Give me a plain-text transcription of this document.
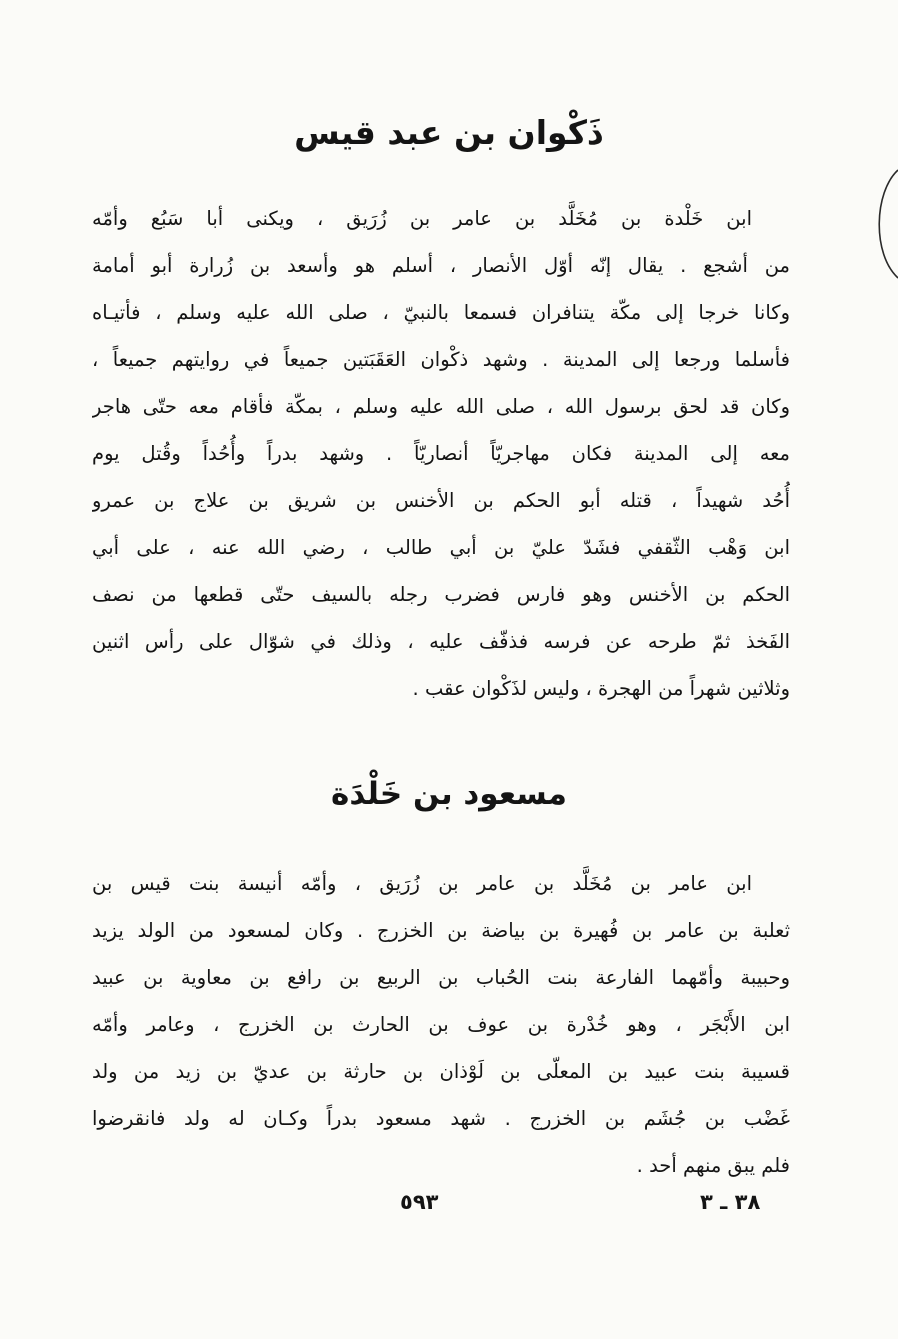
ذَكْوان بن عبد قيس
ابن خَلْدة بن مُخَلَّد بن عامر بن زُرَيق ، ويكنى أبا سَبُع وأمّه
من أشجع . يقال إنّه أوّل الأنصار ، أسلم هو وأسعد بن زُرارة أبو أمامة
وكانا خرجا إلى مكّة يتنافران فسمعا بالنبيّ ، صلى الله عليه وسلم ، فأتيـاه
فأسلما ورجعا إلى المدينة . وشهد ذكْوان العَقَبَتين جميعاً في روايتهم جميعاً ،
وكان قد لحق برسول الله ، صلى الله عليه وسلم ، بمكّة فأقام معه حتّى هاجر
معه إلى المدينة فكان مهاجريّاً أنصاريّاً . وشهد بدراً وأُحُداً وقُتل يوم
أُحُد شهيداً ، قتله أبو الحكم بن الأخنس بن شريق بن علاج بن عمرو
ابن وَهْب الثّقفي فشَدّ عليّ بن أبي طالب ، رضي الله عنه ، على أبي
الحكم بن الأخنس وهو فارس فضرب رجله بالسيف حتّى قطعها من نصف
الفَخذ ثمّ طرحه عن فرسه فذفّف عليه ، وذلك في شوّال على رأس اثنين
وثلاثين شهراً من الهجرة ، وليس لذَكْوان عقب .
مسعود بن خَلْدَة
ابن عامر بن مُخَلَّد بن عامر بن زُرَيق ، وأمّه أنيسة بنت قيس بن
ثعلبة بن عامر بن فُهيرة بن بياضة بن الخزرج . وكان لمسعود من الولد يزيد
وحبيبة وأمّهما الفارعة بنت الحُباب بن الربيع بن رافع بن معاوية بن عبيد
ابن الأَبْجَر ، وهو خُدْرة بن عوف بن الحارث بن الخزرج ، وعامر وأمّه
قسيبة بنت عبيد بن المعلّى بن لَوْذان بن حارثة بن عديّ بن زيد من ولد
غَضْب بن جُشَم بن الخزرج . شهد مسعود بدراً وكـان له ولد فانقرضوا
فلم يبق منهم أحد .
٥٩٣	٣٨ ـ ٣
